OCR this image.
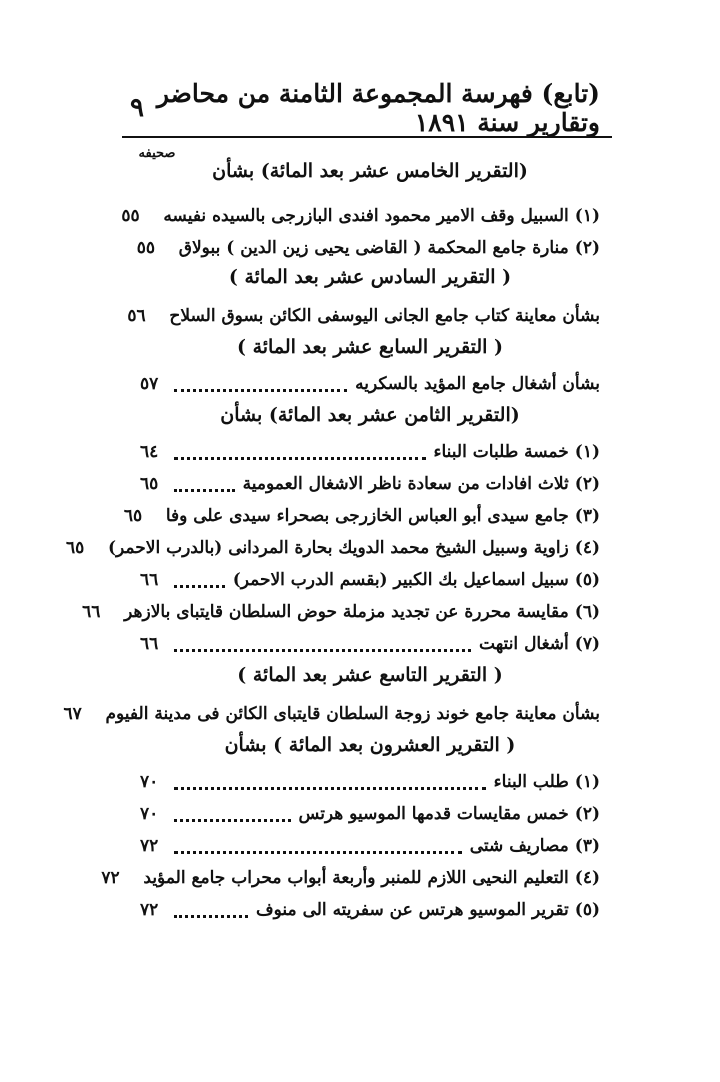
(تابع) فهرسة المجموعة الثامنة من محاضر وتقارير سنة ١٨٩١
٩
صحيفه
(التقرير الخامس عشر بعد المائة) بشأن
(١)
السبيل وقف الامير محمود افندى البازرجى بالسيده نفيسه
٥٥
(٢)
منارة جامع المحكمة ( القاضى يحيى زين الدين ) ببولاق
٥٥
( التقرير السادس عشر بعد المائة )
بشأن معاينة كتاب جامع الجانى اليوسفى الكائن بسوق السلاح
٥٦
( التقرير السابع عشر بعد المائة )
بشأن أشغال جامع المؤيد بالسكريه
٥٧
(التقرير الثامن عشر بعد المائة) بشأن
(١)
خمسة طلبات البناء
٦٤
(٢)
ثلاث افادات من سعادة ناظر الاشغال العمومية
٦٥
(٣)
جامع سيدى أبو العباس الخازرجى بصحراء سيدى على وفا
٦٥
(٤)
زاوية وسبيل الشيخ محمد الدويك بحارة المردانى (بالدرب الاحمر)
٦٥
(٥)
سبيل اسماعيل بك الكبير (بقسم الدرب الاحمر)
٦٦
(٦)
مقايسة محررة عن تجديد مزملة حوض السلطان قايتباى بالازهر
٦٦
(٧)
أشغال انتهت
٦٦
( التقرير التاسع عشر بعد المائة )
بشأن معاينة جامع خوند زوجة السلطان قايتباى الكائن فى مدينة الفيوم
٦٧
( التقرير العشرون بعد المائة ) بشأن
(١)
طلب البناء
٧٠
(٢)
خمس مقايسات قدمها الموسيو هرتس
٧٠
(٣)
مصاريف شتى
٧٢
(٤)
التعليم النحيى اللازم للمنبر وأربعة أبواب محراب جامع المؤيد
٧٢
(٥)
تقرير الموسيو هرتس عن سفريته الى منوف
٧٢
